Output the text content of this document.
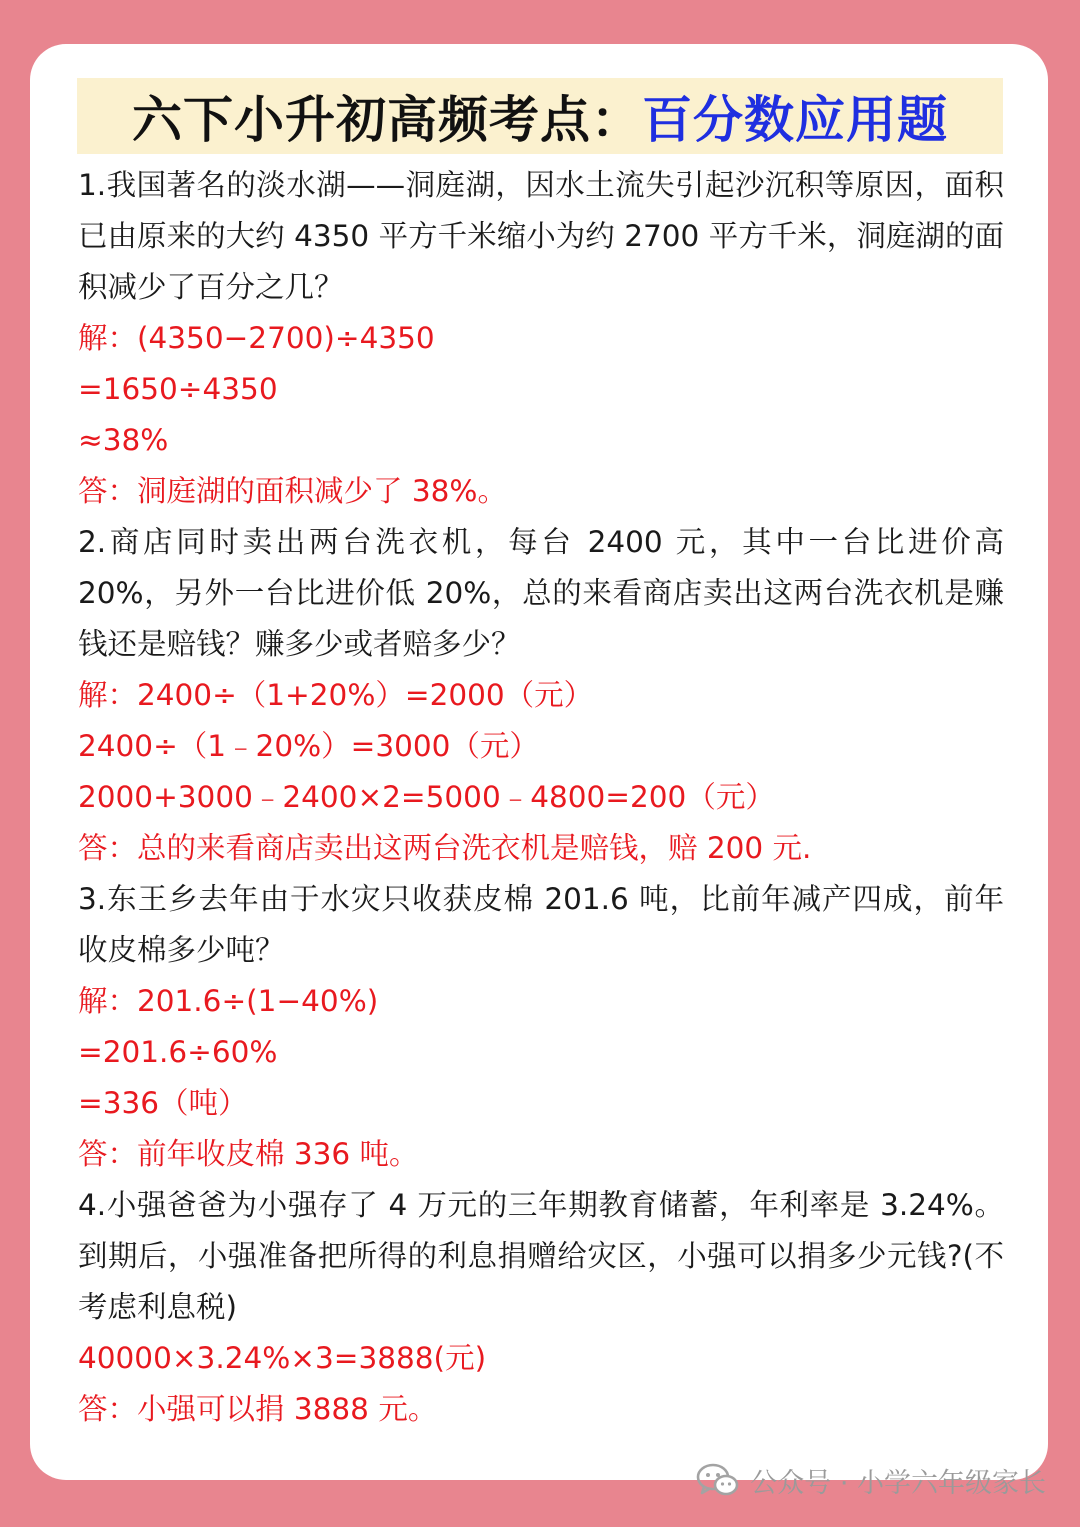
六下小升初高频考点： 百分数应用题
1.我国著名的淡水湖——洞庭湖，因水土流失引起沙沉积等原因，面积已由原来的大约 4350 平方千米缩小为约 2700 平方千米，洞庭湖的面积减少了百分之几？
解：(4350−2700)÷4350
=1650÷4350
≈38%
答：洞庭湖的面积减少了 38%。
2.商店同时卖出两台洗衣机，每台 2400 元，其中一台比进价高 20%，另外一台比进价低 20%，总的来看商店卖出这两台洗衣机是赚钱还是赔钱？赚多少或者赔多少？
解：2400÷（1+20%）=2000（元）
2400÷（1﹣20%）=3000（元）
2000+3000﹣2400×2=5000﹣4800=200（元）
答：总的来看商店卖出这两台洗衣机是赔钱，赔 200 元.
3.东王乡去年由于水灾只收获皮棉 201.6 吨，比前年减产四成，前年收皮棉多少吨？
解：201.6÷(1−40%)
=201.6÷60%
=336（吨）
答：前年收皮棉 336 吨。
4.小强爸爸为小强存了 4 万元的三年期教育储蓄，年利率是 3.24%。到期后，小强准备把所得的利息捐赠给灾区，小强可以捐多少元钱?(不考虑利息税)
40000×3.24%×3=3888(元)
答：小强可以捐 3888 元。
公众号 · 小学六年级家长
